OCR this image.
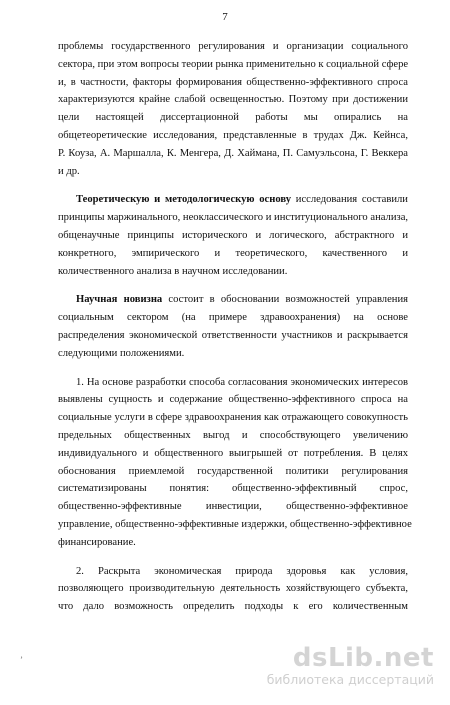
7

проблемы государственного регулирования и организации социального
сектора, при этом вопросы теории рынка применительно к социальной сфере
и, в частности, факторы формирования общественно-эффективного спроса
характеризуются крайне слабой освещенностью. Поэтому при достижении
цели настоящей диссертационной работы мы опирались на
общетеоретические исследования, представленные в трудах Дж. Кейнса,
Р. Коуза, А. Маршалла, К. Менгера, Д. Хаймана, П. Самуэльсона, Г. Веккера
и др.

Теоретическую и методологическую основу исследования составили
принципы маржинального, неоклассического и институционального анализа,
общенаучные принципы исторического и логического, абстрактного и
конкретного, эмпирического и теоретического, качественного и
количественного анализа в научном исследовании.

Научная новизна состоит в обосновании возможностей управления
социальным сектором (на примере здравоохранения) на основе
распределения экономической ответственности участников и раскрывается
следующими положениями.

1. На основе разработки способа согласования экономических интересов
выявлены сущность и содержание общественно-эффективного спроса на
социальные услуги в сфере здравоохранения как отражающего совокупность
предельных общественных выгод и способствующего увеличению
индивидуального и общественного выигрышей от потребления. В целях
обоснования приемлемой государственной политики регулирования
систематизированы понятия: общественно-эффективный спрос,
общественно-эффективные инвестиции, общественно-эффективное
управление, общественно-эффективные издержки, общественно-эффективное
финансирование.

2. Раскрыта экономическая природа здоровья как условия,
позволяющего производительную деятельность хозяйствующего субъекта,
что дало возможность определить подходы к его количественным

ʼ	dsLib.net
библиотека диссертаций
